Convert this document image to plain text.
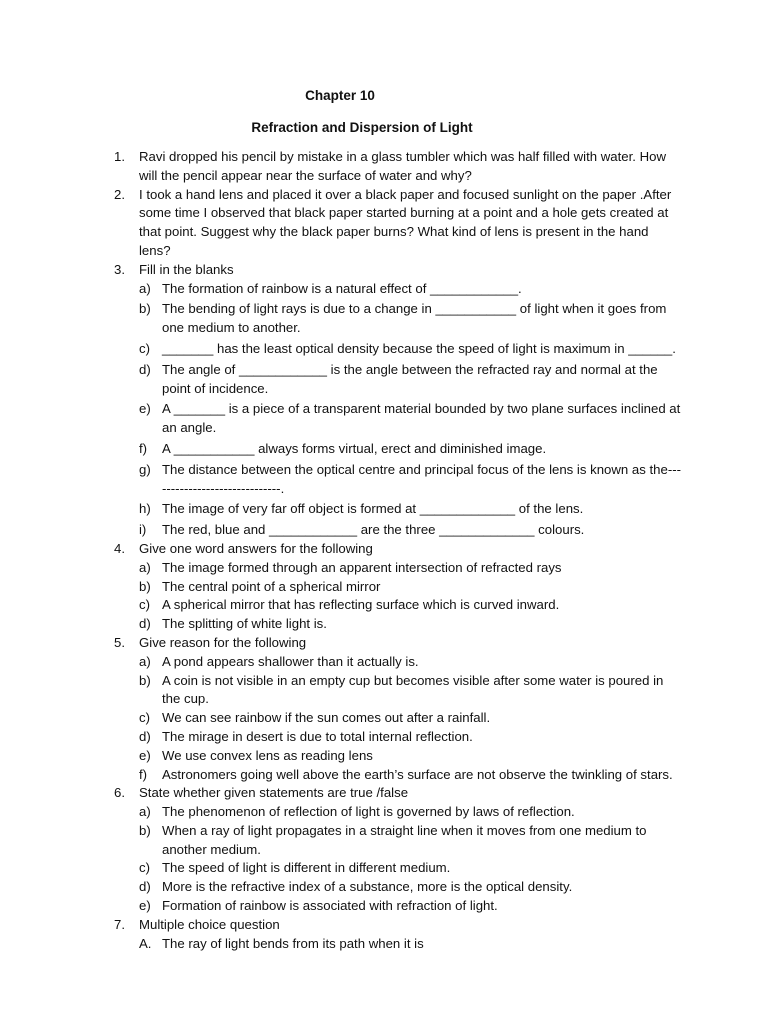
Chapter 10
Refraction and Dispersion of Light
1. Ravi dropped his pencil by mistake in a glass tumbler which was half filled with water. How will the pencil appear near the surface of water and why?
2. I took a hand lens and placed it over a black paper and focused sunlight on the paper .After some time I observed that black paper started burning at a point and a hole gets created at that point. Suggest why the black paper burns? What kind of lens is present in the hand lens?
3. Fill in the blanks
a) The formation of rainbow is a natural effect of ____________.
b) The bending of light rays is due to a change in ___________ of light when it goes from one medium to another.
c) _______ has the least optical density because the speed of light is maximum in ______.
d) The angle of ____________ is the angle between the refracted ray and normal at the point of incidence.
e) A _______ is a piece of a transparent material bounded by two plane surfaces inclined at an angle.
f) A ___________ always forms virtual, erect and diminished image.
g) The distance between the optical centre and principal focus of the lens is known as the------------------------------.
h) The image of very far off object is formed at _____________ of the lens.
i) The red, blue and ____________ are the three _____________ colours.
4. Give one word answers for the following
a) The image formed through an apparent intersection of refracted rays
b) The central point of a spherical mirror
c) A spherical mirror that has reflecting surface which is curved inward.
d) The splitting of white light is.
5. Give reason for the following
a) A pond appears shallower than it actually is.
b) A coin is not visible in an empty cup but becomes visible after some water is poured in the cup.
c) We can see rainbow if the sun comes out after a rainfall.
d) The mirage in desert is due to total internal reflection.
e) We use convex lens as reading lens
f) Astronomers going well above the earth’s surface are not observe the twinkling of stars.
6. State whether given statements are true /false
a) The phenomenon of reflection of light is governed by laws of reflection.
b) When a ray of light propagates in a straight line when it moves from one medium to another medium.
c) The speed of light is different in different medium.
d) More is the refractive index of a substance, more is the optical density.
e) Formation of rainbow is associated with refraction of light.
7. Multiple choice question
A. The ray of light bends from its path when it is
